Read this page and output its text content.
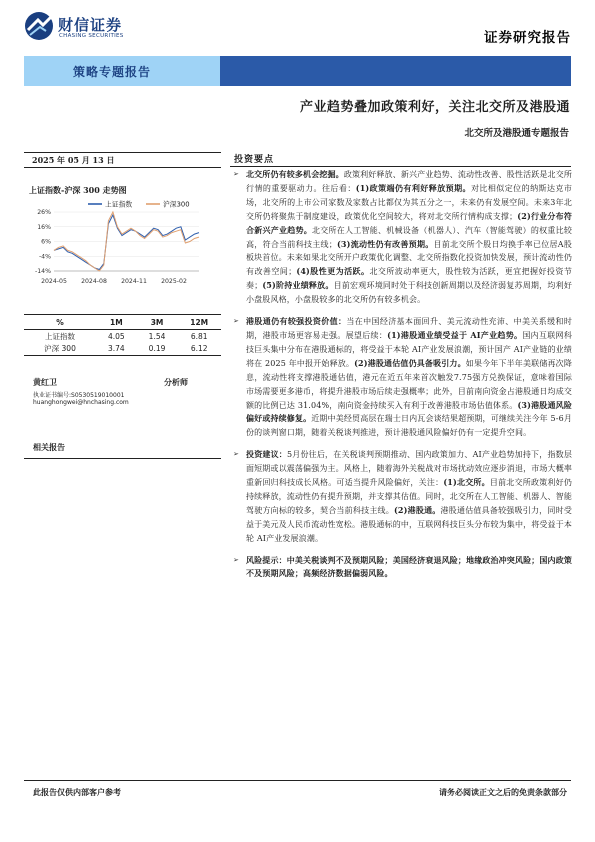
财信证券
CHASING SECURITIES	证券研究报告
策略专题报告
产业趋势叠加政策利好，关注北交所及港股通
北交所及港股通专题报告
2025 年 05 月 13 日
上证指数-沪深 300 走势图
-14%
-4%
6%
16%
26%
2024-05 2024-08 2024-11 2025-02
上证指数	沪深300
%	1M	3M	12M
上证指数	4.05	1.54	6.81
沪深 300	3.74	0.19	6.12
黄红卫	分析师
执业证书编号:S0530519010001
huanghongwei@hnchasing.com
相关报告
投资要点
➢ 北交所仍有较多机会挖掘。政策利好释放、新兴产业趋势、流动性改善、股性活跃是北交所行情的重要驱动力。往后看：(1)政策端仍有利好释放预期。对比相似定位的纳斯达克市场，北交所的上市公司家数及家数占比都仅为其五分之一，未来仍有发展空间。未来3年北交所仍将聚焦于制度建设，政策优化空间较大，将对北交所行情构成支撑；(2)行业分布符合新兴产业趋势。北交所在人工智能、机械设备（机器人）、汽车（智能驾驶）的权重比较高，符合当前科技主线；(3)流动性仍有改善预期。目前北交所个股日均换手率已位居A股板块首位。未来如果北交所开户政策优化调整、北交所指数化投资加快发展，预计流动性仍有改善空间；(4)股性更为活跃。北交所波动率更大，股性较为活跃，更宜把握好投资节奏；(5)阶持业绩释放。目前宏观环境同时处于科技创新周期以及经济弱复苏周期，均利好小盘股风格，小盘股较多的北交所仍有较多机会。
➢ 港股通仍有较强投资价值：当在中国经济基本面回升、美元流动性充沛、中美关系缓和时期，港股市场更容易走强。展望后续：(1)港股通业绩受益于 AI产业趋势。国内互联网科技巨头集中分布在港股通标的，将受益于本轮 AI产业发展浪潮，预计国产 AI产业链的业绩将在 2025 年中报开始释放。(2)港股通估值仍具备吸引力。如果今年下半年美联储再次降息，流动性将支撑港股通估值，港元在近五年来首次触发7.75强方兑换保证，意味着国际市场需要更多港币，将提升港股市场后续走强概率；此外，目前南向资金占港股通日均成交额的比例已达 31.04%，南向资金持续买入有利于改善港股市场估值体系。(3)港股通风险偏好或持续修复。近期中美经贸高层在瑞士日内瓦会谈结果超预期，可继续关注今年 5-6月份的谈判窗口期，随着关税谈判推进，预计港股通风险偏好仍有一定提升空间。
➢ 投资建议：5月份往后，在关税谈判预期推动、国内政策加力、AI产业趋势加持下，指数层面短期或以震荡偏强为主。风格上，随着海外关税战对市场扰动效应逐步消退，市场大概率重新回归科技成长风格。可适当提升风险偏好，关注：(1)北交所。目前北交所政策利好仍持续释放，流动性仍有提升预期，并支撑其估值。同时，北交所在人工智能、机器人、智能驾驶方向标的较多，契合当前科技主线。(2)港股通。港股通估值具备较强吸引力，同时受益于美元及人民币流动性宽松。港股通标的中，互联网科技巨头分布较为集中，将受益于本轮 AI产业发展浪潮。
➢ 风险提示：中美关税谈判不及预期风险；美国经济衰退风险；地缘政治冲突风险；国内政策不及预期风险；高频经济数据偏弱风险。
此报告仅供内部客户参考	请务必阅读正文之后的免责条款部分
